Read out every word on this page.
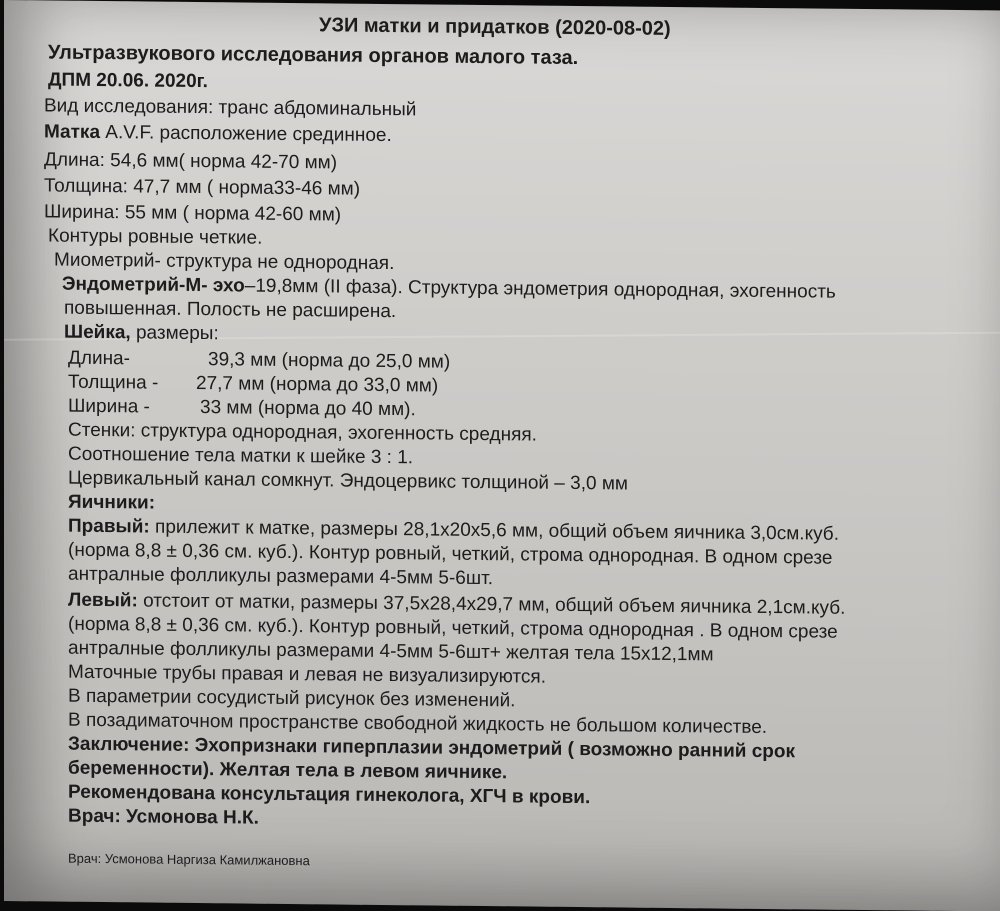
УЗИ матки и придатков (2020-08-02)
Ультразвукового исследования органов малого таза.
ДПМ 20.06. 2020г.
Вид исследования: транс абдоминальный
Матка A.V.F. расположение срединное.
Длина: 54,6 мм( норма 42-70 мм)
Толщина: 47,7 мм ( норма33-46 мм)
Ширина: 55 мм ( норма 42-60 мм)
Контуры ровные четкие.
Миометрий- структура не однородная.
Эндометрий-М- эхо–19,8мм (II фаза). Структура эндометрия однородная, эхогенность
повышенная. Полость не расширена.
Шейка, размеры:
Длина-	39,3 мм (норма до 25,0 мм)
Толщина - 27,7 мм (норма до 33,0 мм)
Ширина -	33 мм (норма до 40 мм).
Стенки: структура однородная, эхогенность средняя.
Соотношение тела матки к шейке 3 : 1.
Цервикальный канал сомкнут. Эндоцервикс толщиной – 3,0 мм
Яичники:
Правый: прилежит к матке, размеры 28,1х20х5,6 мм, общий объем яичника 3,0см.куб.
(норма 8,8 ± 0,36 см. куб.). Контур ровный, четкий, строма однородная. В одном срезе
антралные фолликулы размерами 4-5мм 5-6шт.
Левый: отстоит от матки, размеры 37,5х28,4х29,7 мм, общий объем яичника 2,1см.куб.
(норма 8,8 ± 0,36 см. куб.). Контур ровный, четкий, строма однородная . В одном срезе
антралные фолликулы размерами 4-5мм 5-6шт+ желтая тела 15х12,1мм
Маточные трубы правая и левая не визуализируются.
В параметрии сосудистый рисунок без изменений.
В позадиматочном пространстве свободной жидкость не большом количестве.
Заключение: Эхопризнаки гиперплазии эндометрий ( возможно ранний срок
беременности). Желтая тела в левом яичнике.
Рекомендована консультация гинеколога, ХГЧ в крови.
Врач: Усмонова Н.К.
Врач: Усмонова Наргиза Камилжановна
